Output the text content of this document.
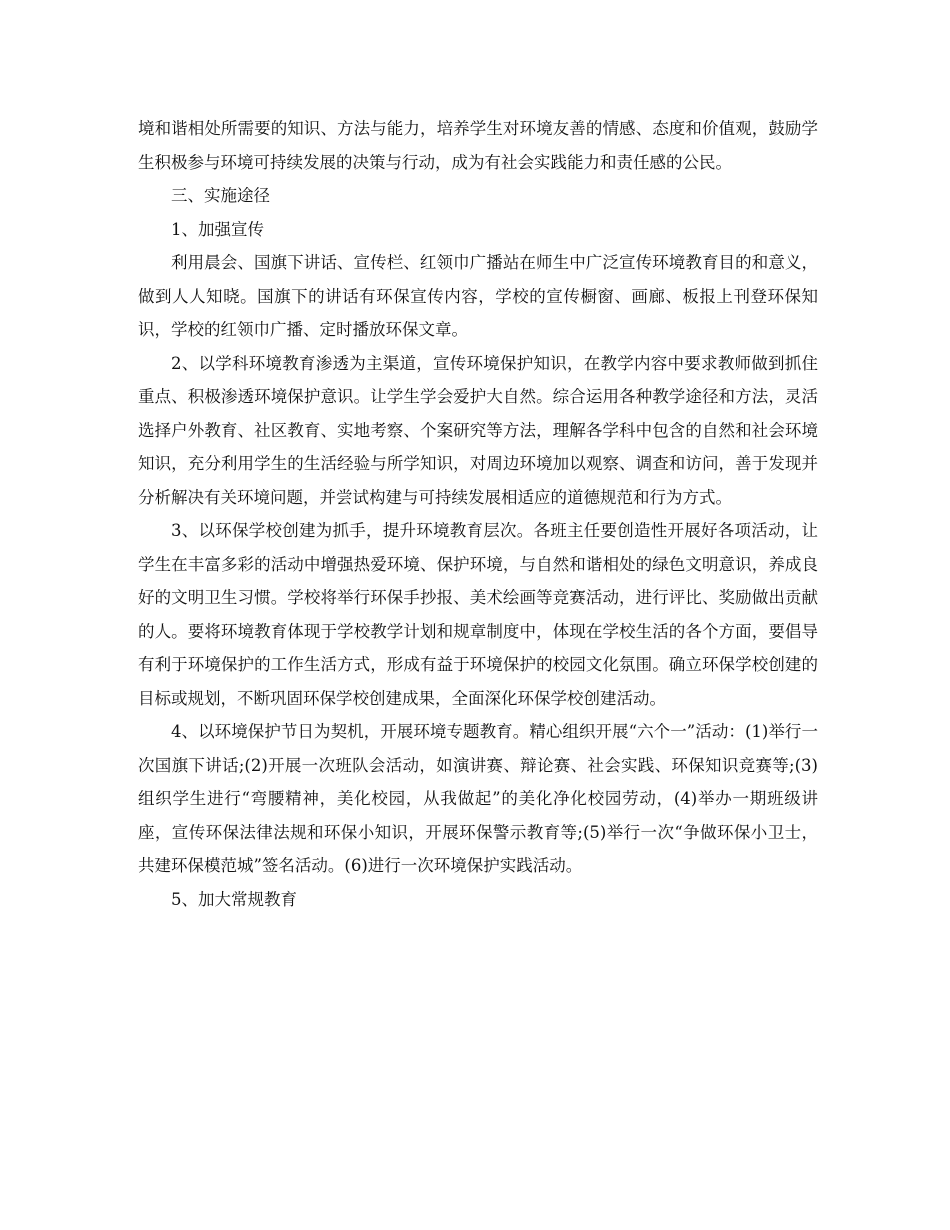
境和谐相处所需要的知识、方法与能力，培养学生对环境友善的情感、态度和价值观，鼓励学生积极参与环境可持续发展的决策与行动，成为有社会实践能力和责任感的公民。

三、实施途径

1、加强宣传

利用晨会、国旗下讲话、宣传栏、红领巾广播站在师生中广泛宣传环境教育目的和意义，做到人人知晓。国旗下的讲话有环保宣传内容，学校的宣传橱窗、画廊、板报上刊登环保知识，学校的红领巾广播、定时播放环保文章。

2、以学科环境教育渗透为主渠道，宣传环境保护知识，在教学内容中要求教师做到抓住重点、积极渗透环境保护意识。让学生学会爱护大自然。综合运用各种教学途径和方法，灵活选择户外教育、社区教育、实地考察、个案研究等方法，理解各学科中包含的自然和社会环境知识，充分利用学生的生活经验与所学知识，对周边环境加以观察、调查和访问，善于发现并分析解决有关环境问题，并尝试构建与可持续发展相适应的道德规范和行为方式。

3、以环保学校创建为抓手，提升环境教育层次。各班主任要创造性开展好各项活动，让学生在丰富多彩的活动中增强热爱环境、保护环境，与自然和谐相处的绿色文明意识，养成良好的文明卫生习惯。学校将举行环保手抄报、美术绘画等竞赛活动，进行评比、奖励做出贡献的人。要将环境教育体现于学校教学计划和规章制度中，体现在学校生活的各个方面，要倡导有利于环境保护的工作生活方式，形成有益于环境保护的校园文化氛围。确立环保学校创建的目标或规划，不断巩固环保学校创建成果，全面深化环保学校创建活动。

4、以环境保护节日为契机，开展环境专题教育。精心组织开展“六个一”活动：(1)举行一次国旗下讲话;(2)开展一次班队会活动，如演讲赛、辩论赛、社会实践、环保知识竞赛等;(3)组织学生进行“弯腰精神，美化校园，从我做起”的美化净化校园劳动，(4)举办一期班级讲座，宣传环保法律法规和环保小知识，开展环保警示教育等;(5)举行一次“争做环保小卫士，共建环保模范城”签名活动。(6)进行一次环境保护实践活动。

5、加大常规教育
